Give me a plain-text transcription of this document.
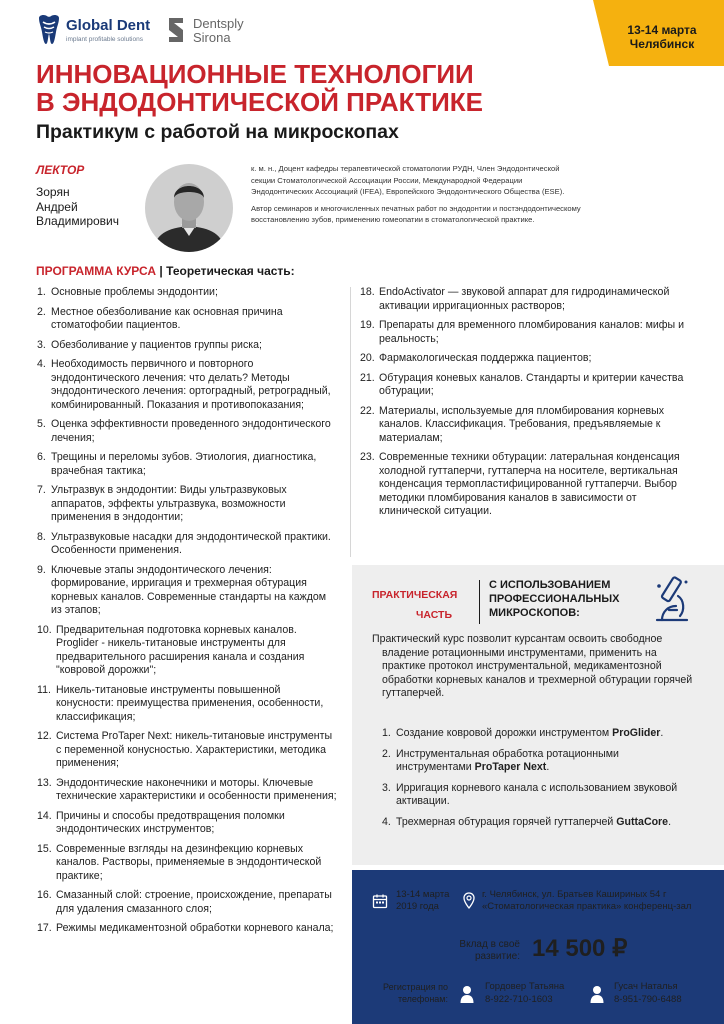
Global Dent
implant profitable solutions
Dentsply
Sirona	13-14 марта
Челябинск
ИННОВАЦИОННЫЕ ТЕХНОЛОГИИ
В ЭНДОДОНТИЧЕСКОЙ ПРАКТИКЕ
Практикум с работой на микроскопах
ЛЕКТОР
Зорян
Андрей
Владимирович

к. м. н., Доцент кафедры терапевтической стоматологии РУДН, Член Эндодонтической секции Стоматологической Ассоциации России, Международной Федерации Эндодонтических Ассоциаций (IFEA), Европейского Эндодонтического Общества (ESE).

Автор семинаров и многочисленных печатных работ по эндодонтии и постэндодонтическому восстановлению зубов, применению гомеопатии в стоматологической практике.

ПРОГРАММА КУРСА | Теоретическая часть:
1. Основные проблемы эндодонтии;
2. Местное обезболивание как основная причина стоматофобии пациентов.
3. Обезболивание у пациентов группы риска;
4. Необходимость первичного и повторного эндодонтического лечения: что делать? Методы эндодонтического лечения: ортоградный, ретроградный, комбинированный. Показания и противопоказания;
5. Оценка эффективности проведенного эндодонтического лечения;
6. Трещины и переломы зубов. Этиология, диагностика, врачебная тактика;
7. Ультразвук в эндодонтии: Виды ультразвуковых аппаратов, эффекты ультразвука, возможности применения в эндодонтии;
8. Ультразвуковые насадки для эндодонтической практики. Особенности применения.
9. Ключевые этапы эндодонтического лечения: формирование, ирригация и трехмерная обтурация корневых каналов. Современные стандарты на каждом из этапов;
10. Предварительная подготовка корневых каналов. Proglider - никель-титановые инструменты для предварительного расширения канала и создания "ковровой дорожки";
11. Никель-титановые инструменты повышенной конусности: преимущества применения, особенности, классификация;
12. Система ProTaper Next: никель-титановые инструменты с переменной конусностью. Характеристики, методика применения;
13. Эндодонтические наконечники и моторы. Ключевые технические характеристики и особенности применения;
14. Причины и способы предотвращения поломки эндодонтических инструментов;
15. Современные взгляды на дезинфекцию корневых каналов. Растворы, применяемые в эндодонтической практике;
16. Смазанный слой: строение, происхождение, препараты для удаления смазанного слоя;
17. Режимы медикаментозной обработки корневого канала;
18. EndoActivator — звуковой аппарат для гидродинамической активации ирригационных растворов;
19. Препараты для временного пломбирования каналов: мифы и реальность;
20. Фармакологическая поддержка пациентов;
21. Обтурация коневых каналов. Стандарты и критерии качества обтурации;
22. Материалы, используемые для пломбирования корневых каналов. Классификация. Требования, предъявляемые к материалам;
23. Современные техники обтурации: латеральная конденсация холодной гуттаперчи, гуттаперча на носителе, вертикальная конденсация термопластифицированной гуттаперчи. Выбор методики пломбирования каналов в зависимости от клинической ситуации.
ПРАКТИЧЕСКАЯ
ЧАСТЬ
С ИСПОЛЬЗОВАНИЕМ ПРОФЕССИОНАЛЬНЫХ МИКРОСКОПОВ:

Практический курс позволит курсантам освоить свободное владение ротационными инструментами, применить на практике протокол инструментальной, медикаментозной обработки корневых каналов и трехмерной обтурации горячей гуттаперчей.

1. Создание ковровой дорожки инструментом ProGlider.
2. Инструментальная обработка ротационными инструментами ProTaper Next.
3. Ирригация корневого канала с использованием звуковой активации.
4. Трехмерная обтурация горячей гуттаперчей GuttaCore.
13-14 марта 2019 года
г. Челябинск, ул. Братьев Кашириных 54 г «Стоматологическая практика» конференц-зал
Вклад в своё развитие: 14 500 ₽
Регистрация по телефонам:
Гордовер Татьяна
8-922-710-1603
Гусач Наталья
8-951-790-6488
